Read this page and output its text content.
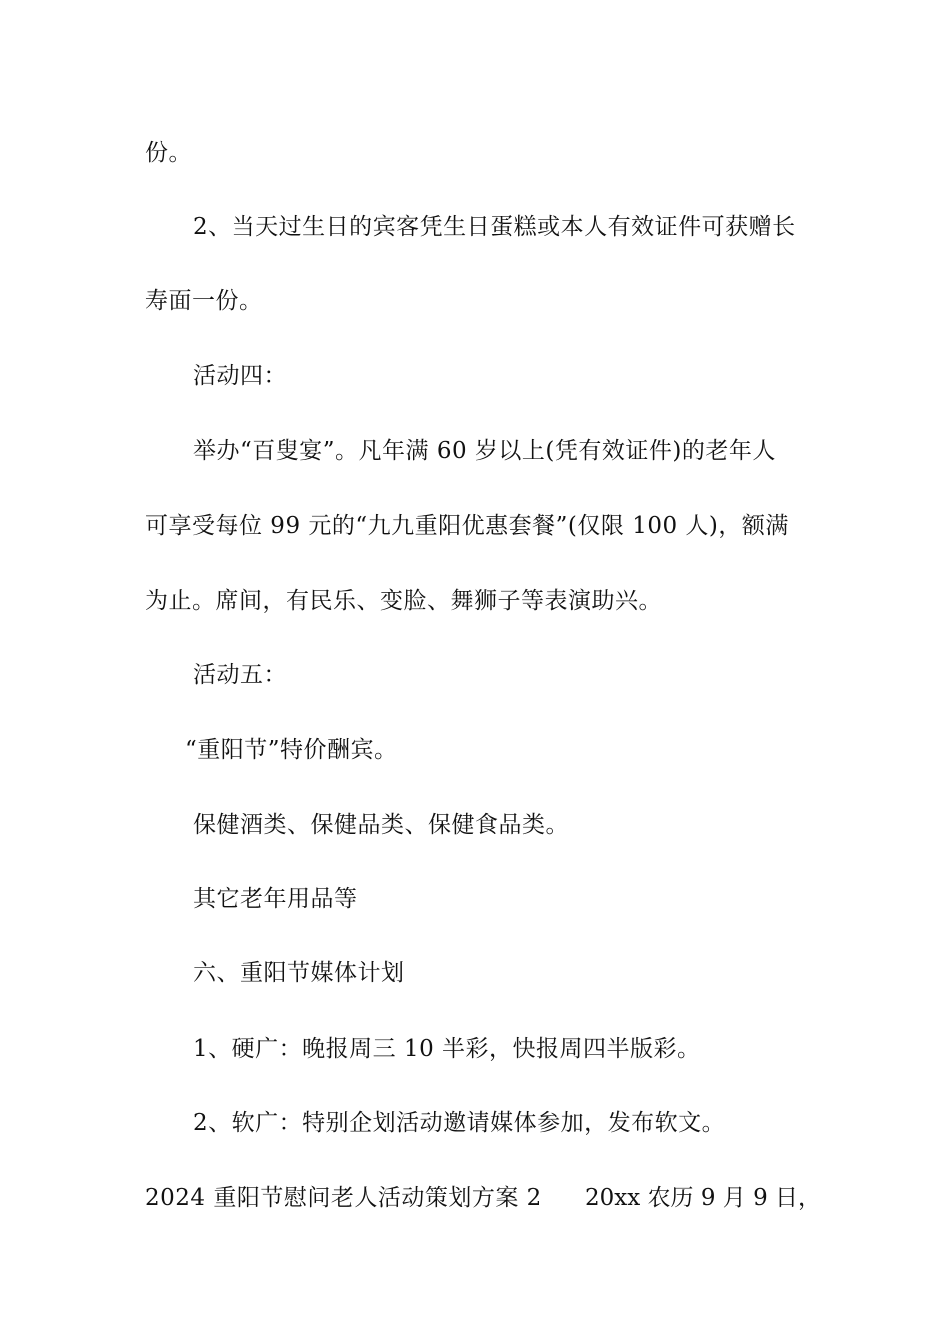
份。
2、当天过生日的宾客凭生日蛋糕或本人有效证件可获赠长
寿面一份。
活动四：
举办“百叟宴”。凡年满 60 岁以上(凭有效证件)的老年人
可享受每位 99 元的“九九重阳优惠套餐”(仅限 100 人)，额满
为止。席间，有民乐、变脸、舞狮子等表演助兴。
活动五：
“重阳节”特价酬宾。
保健酒类、保健品类、保健食品类。
其它老年用品等
六、重阳节媒体计划
1、硬广：晚报周三 10 半彩，快报周四半版彩。
2、软广：特别企划活动邀请媒体参加，发布软文。
2024 重阳节慰问老人活动策划方案 2	20xx 农历 9 月 9 日，
